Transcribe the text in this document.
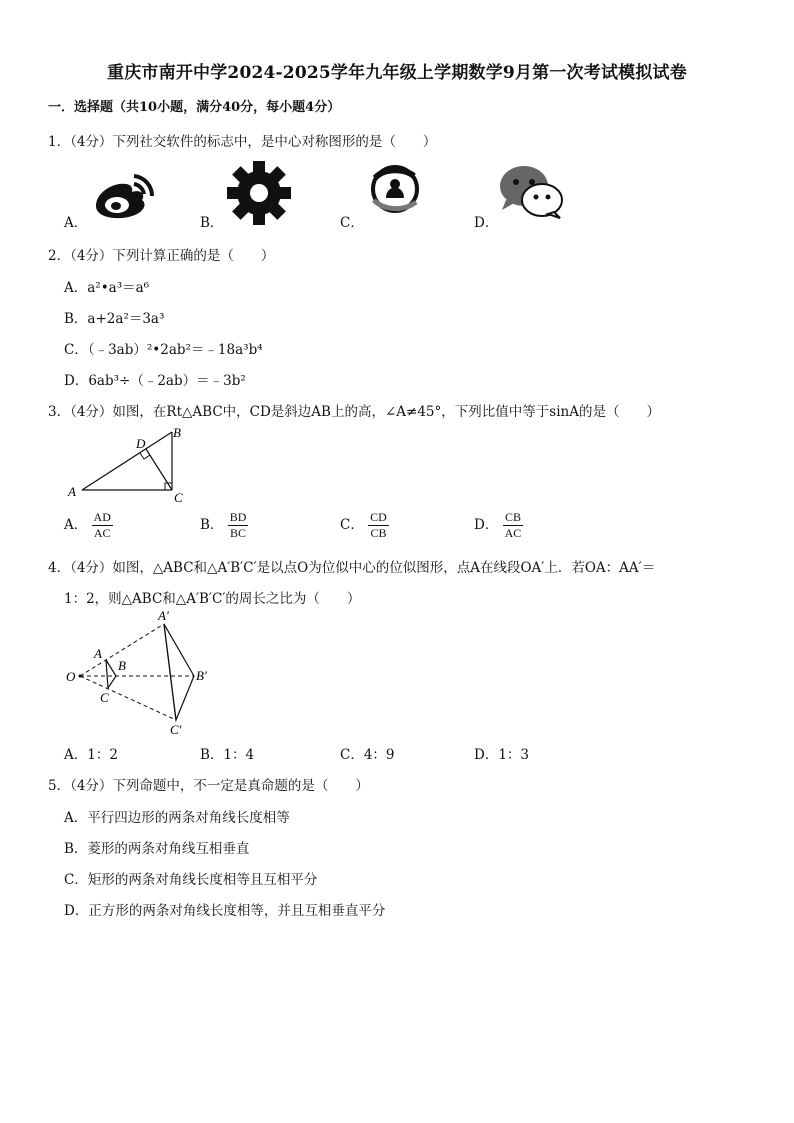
重庆市南开中学2024-2025学年九年级上学期数学9月第一次考试模拟试卷
一．选择题（共10小题，满分40分，每小题4分）
1．（4分）下列社交软件的标志中，是中心对称图形的是（　　）
A．	B．	C．	D．
2．（4分）下列计算正确的是（　　）
A．a²•a³＝a⁶
B．a+2a²＝3a³
C．（﹣3ab）²•2ab²＝﹣18a³b⁴
D．6ab³÷（﹣2ab）＝﹣3b²
3．（4分）如图，在Rt△ABC中，CD是斜边AB上的高，∠A≠45°，下列比值中等于sinA的是（　　）
A
B
C
D
A． $\frac{AD}{AC}$	B． $\frac{BD}{BC}$	C． $\frac{CD}{CB}$	D． $\frac{CB}{AC}$
4．（4分）如图，△ABC和△A′B′C′是以点O为位似中心的位似图形，点A在线段OA′上．若OA：AA′＝
1：2，则△ABC和△A′B′C′的周长之比为（　　）
O
A
B
C
A′
B′
C′
A．1：2	B．1：4	C．4：9	D．1：3
5．（4分）下列命题中，不一定是真命题的是（　　）
A．平行四边形的两条对角线长度相等
B．菱形的两条对角线互相垂直
C．矩形的两条对角线长度相等且互相平分
D．正方形的两条对角线长度相等，并且互相垂直平分
